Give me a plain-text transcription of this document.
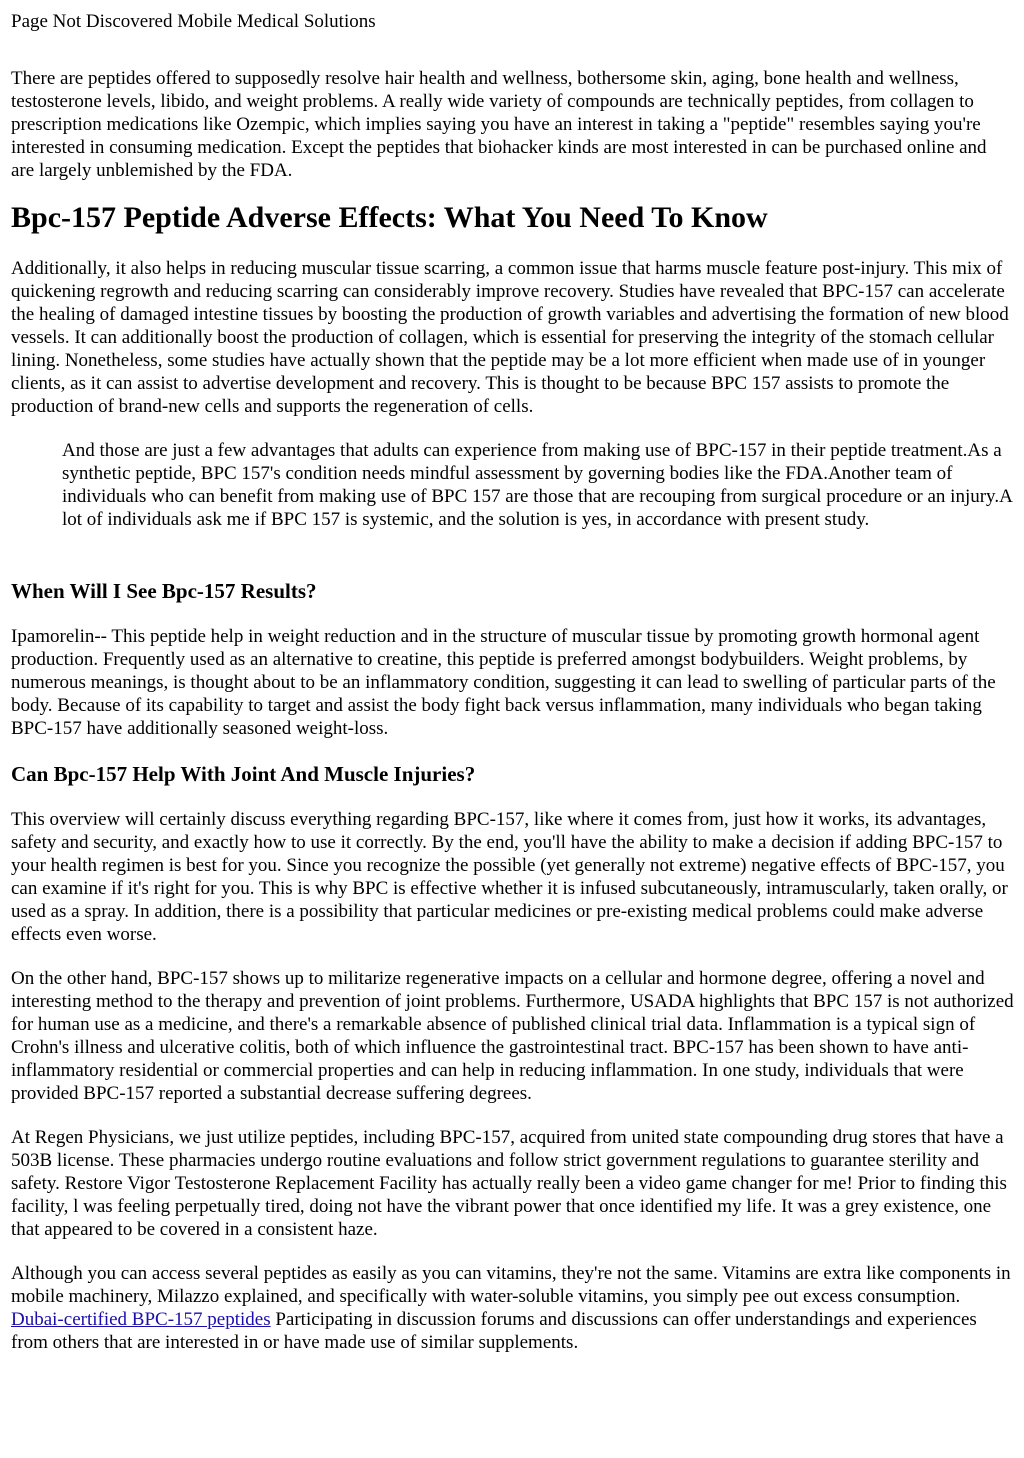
Page Not Discovered Mobile Medical Solutions

There are peptides offered to supposedly resolve hair health and wellness, bothersome skin, aging, bone health and wellness, testosterone levels, libido, and weight problems. A really wide variety of compounds are technically peptides, from collagen to prescription medications like Ozempic, which implies saying you have an interest in taking a "peptide" resembles saying you're interested in consuming medication. Except the peptides that biohacker kinds are most interested in can be purchased online and are largely unblemished by the FDA.

Bpc-157 Peptide Adverse Effects: What You Need To Know

Additionally, it also helps in reducing muscular tissue scarring, a common issue that harms muscle feature post-injury. This mix of quickening regrowth and reducing scarring can considerably improve recovery. Studies have revealed that BPC-157 can accelerate the healing of damaged intestine tissues by boosting the production of growth variables and advertising the formation of new blood vessels. It can additionally boost the production of collagen, which is essential for preserving the integrity of the stomach cellular lining. Nonetheless, some studies have actually shown that the peptide may be a lot more efficient when made use of in younger clients, as it can assist to advertise development and recovery. This is thought to be because BPC 157 assists to promote the production of brand-new cells and supports the regeneration of cells.

And those are just a few advantages that adults can experience from making use of BPC-157 in their peptide treatment.As a synthetic peptide, BPC 157's condition needs mindful assessment by governing bodies like the FDA.Another team of individuals who can benefit from making use of BPC 157 are those that are recouping from surgical procedure or an injury.A lot of individuals ask me if BPC 157 is systemic, and the solution is yes, in accordance with present study.

When Will I See Bpc-157 Results?

Ipamorelin-- This peptide help in weight reduction and in the structure of muscular tissue by promoting growth hormonal agent production. Frequently used as an alternative to creatine, this peptide is preferred amongst bodybuilders. Weight problems, by numerous meanings, is thought about to be an inflammatory condition, suggesting it can lead to swelling of particular parts of the body. Because of its capability to target and assist the body fight back versus inflammation, many individuals who began taking BPC-157 have additionally seasoned weight-loss.

Can Bpc-157 Help With Joint And Muscle Injuries?

This overview will certainly discuss everything regarding BPC-157, like where it comes from, just how it works, its advantages, safety and security, and exactly how to use it correctly. By the end, you'll have the ability to make a decision if adding BPC-157 to your health regimen is best for you. Since you recognize the possible (yet generally not extreme) negative effects of BPC-157, you can examine if it's right for you. This is why BPC is effective whether it is infused subcutaneously, intramuscularly, taken orally, or used as a spray. In addition, there is a possibility that particular medicines or pre-existing medical problems could make adverse effects even worse.

On the other hand, BPC-157 shows up to militarize regenerative impacts on a cellular and hormone degree, offering a novel and interesting method to the therapy and prevention of joint problems. Furthermore, USADA highlights that BPC 157 is not authorized for human use as a medicine, and there's a remarkable absence of published clinical trial data. Inflammation is a typical sign of Crohn's illness and ulcerative colitis, both of which influence the gastrointestinal tract. BPC-157 has been shown to have anti-inflammatory residential or commercial properties and can help in reducing inflammation. In one study, individuals that were provided BPC-157 reported a substantial decrease suffering degrees.

At Regen Physicians, we just utilize peptides, including BPC-157, acquired from united state compounding drug stores that have a 503B license. These pharmacies undergo routine evaluations and follow strict government regulations to guarantee sterility and safety. Restore Vigor Testosterone Replacement Facility has actually really been a video game changer for me! Prior to finding this facility, l was feeling perpetually tired, doing not have the vibrant power that once identified my life. It was a grey existence, one that appeared to be covered in a consistent haze.

Although you can access several peptides as easily as you can vitamins, they're not the same. Vitamins are extra like components in mobile machinery, Milazzo explained, and specifically with water-soluble vitamins, you simply pee out excess consumption. Dubai-certified BPC-157 peptides Participating in discussion forums and discussions can offer understandings and experiences from others that are interested in or have made use of similar supplements.
